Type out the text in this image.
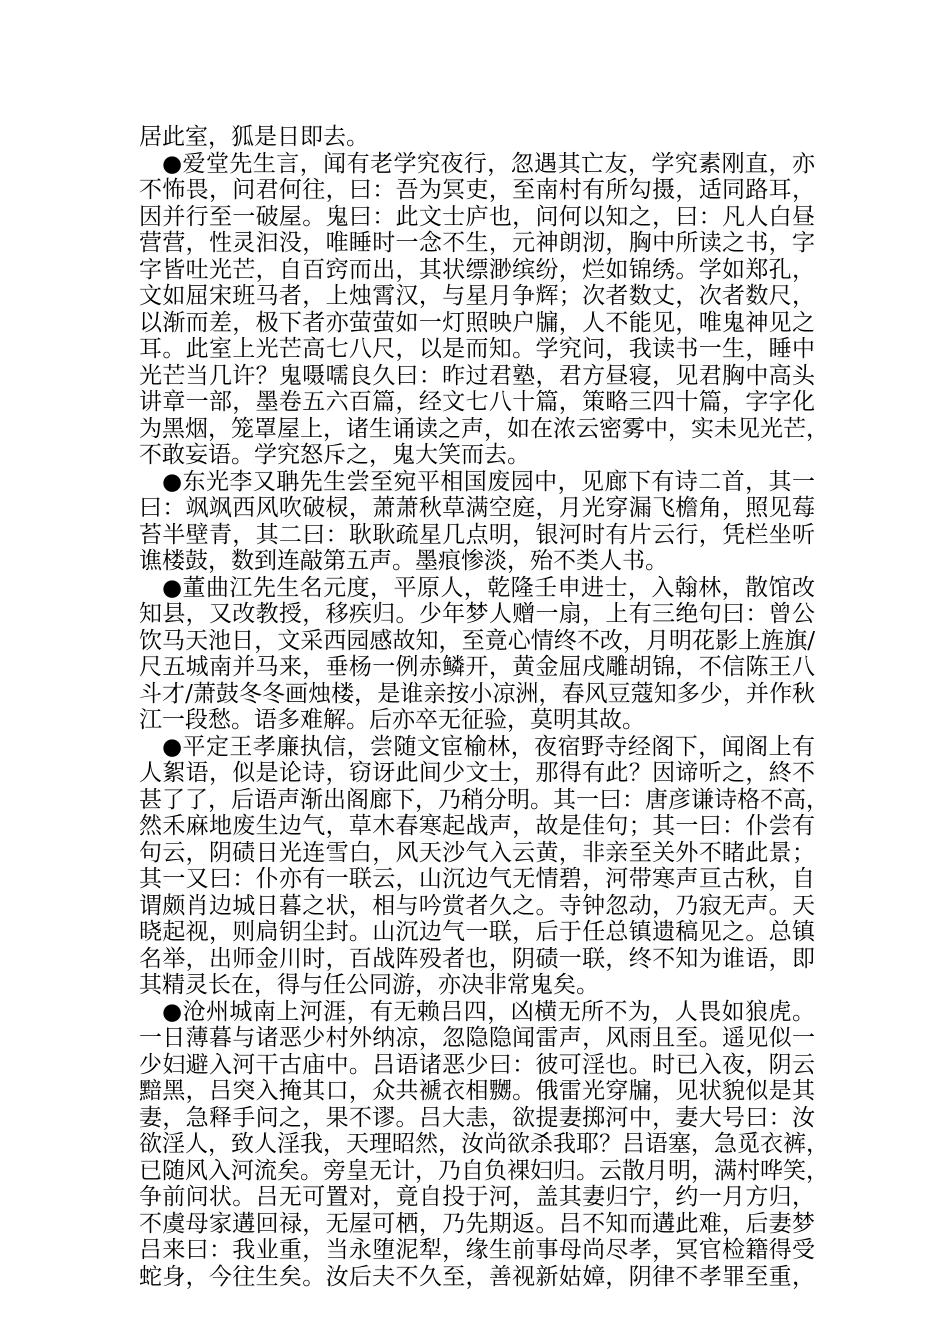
居此室，狐是日即去。
●爱堂先生言，闻有老学究夜行，忽遇其亡友，学究素刚直，亦
不怖畏，问君何往，曰：吾为冥吏，至南村有所勾摄，适同路耳，
因并行至一破屋。鬼曰：此文士庐也，问何以知之，曰：凡人白昼
营营，性灵汩没，唯睡时一念不生，元神朗沏，胸中所读之书，字
字皆吐光芒，自百窍而出，其状缥渺缤纷，烂如锦绣。学如郑孔，
文如屈宋班马者，上烛霄汉，与星月争辉；次者数丈，次者数尺，
以渐而差，极下者亦萤萤如一灯照映户牖，人不能见，唯鬼神见之
耳。此室上光芒高七八尺，以是而知。学究问，我读书一生，睡中
光芒当几许？鬼嗫嚅良久曰：昨过君塾，君方昼寝，见君胸中高头
讲章一部，墨卷五六百篇，经文七八十篇，策略三四十篇，字字化
为黑烟，笼罩屋上，诸生诵读之声，如在浓云密雾中，实未见光芒，
不敢妄语。学究怒斥之，鬼大笑而去。
●东光李又聃先生尝至宛平相国废园中，见廊下有诗二首，其一
曰：飒飒西风吹破棂，萧萧秋草满空庭，月光穿漏飞檐角，照见莓
苔半壁青，其二曰：耿耿疏星几点明，银河时有片云行，凭栏坐听
谯楼鼓，数到连敲第五声。墨痕惨淡，殆不类人书。
●董曲江先生名元度，平原人，乾隆壬申进士，入翰林，散馆改
知县，又改教授，移疾归。少年梦人赠一扇，上有三绝句曰：曾公
饮马天池日，文采西园感故知，至竟心情终不改，月明花影上旌旗/
尺五城南并马来，垂杨一例赤鳞开，黄金屈戌雕胡锦，不信陈王八
斗才/萧鼓冬冬画烛楼，是谁亲按小凉洲，春风豆蔻知多少，并作秋
江一段愁。语多难解。后亦卒无征验，莫明其故。
●平定王孝廉执信，尝随文宦榆林，夜宿野寺经阁下，闻阁上有
人絮语，似是论诗，窃讶此间少文士，那得有此？因谛听之，終不
甚了了，后语声渐出阁廊下，乃稍分明。其一曰：唐彦谦诗格不高，
然禾麻地废生边气，草木春寒起战声，故是佳句；其一曰：仆尝有
句云，阴碛日光连雪白，风天沙气入云黄，非亲至关外不睹此景；
其一又曰：仆亦有一联云，山沉边气无情碧，河带寒声亘古秋，自
谓颇肖边城日暮之状，相与吟赏者久之。寺钟忽动，乃寂无声。天
晓起视，则扃钥尘封。山沉边气一联，后于任总镇遗稿见之。总镇
名举，出师金川时，百战阵殁者也，阴碛一联，终不知为谁语，即
其精灵长在，得与任公同游，亦决非常鬼矣。
●沧州城南上河涯，有无赖吕四，凶横无所不为，人畏如狼虎。
一日薄暮与诸恶少村外纳凉，忽隐隐闻雷声，风雨且至。遥见似一
少妇避入河干古庙中。吕语诸恶少曰：彼可淫也。时已入夜，阴云
黯黑，吕突入掩其口，众共褫衣相嬲。俄雷光穿牖，见状貌似是其
妻，急释手问之，果不谬。吕大恚，欲提妻掷河中，妻大号曰：汝
欲淫人，致人淫我，天理昭然，汝尚欲杀我耶？吕语塞，急觅衣裤，
已随风入河流矣。旁皇无计，乃自负裸妇归。云散月明，满村哗笑，
争前问状。吕无可置对，竟自投于河，盖其妻归宁，约一月方归，
不虞母家遘回禄，无屋可栖，乃先期返。吕不知而遘此难，后妻梦
吕来曰：我业重，当永堕泥犁，缘生前事母尚尽孝，冥官检籍得受
蛇身，今往生矣。汝后夫不久至，善视新姑嫜，阴律不孝罪至重，
